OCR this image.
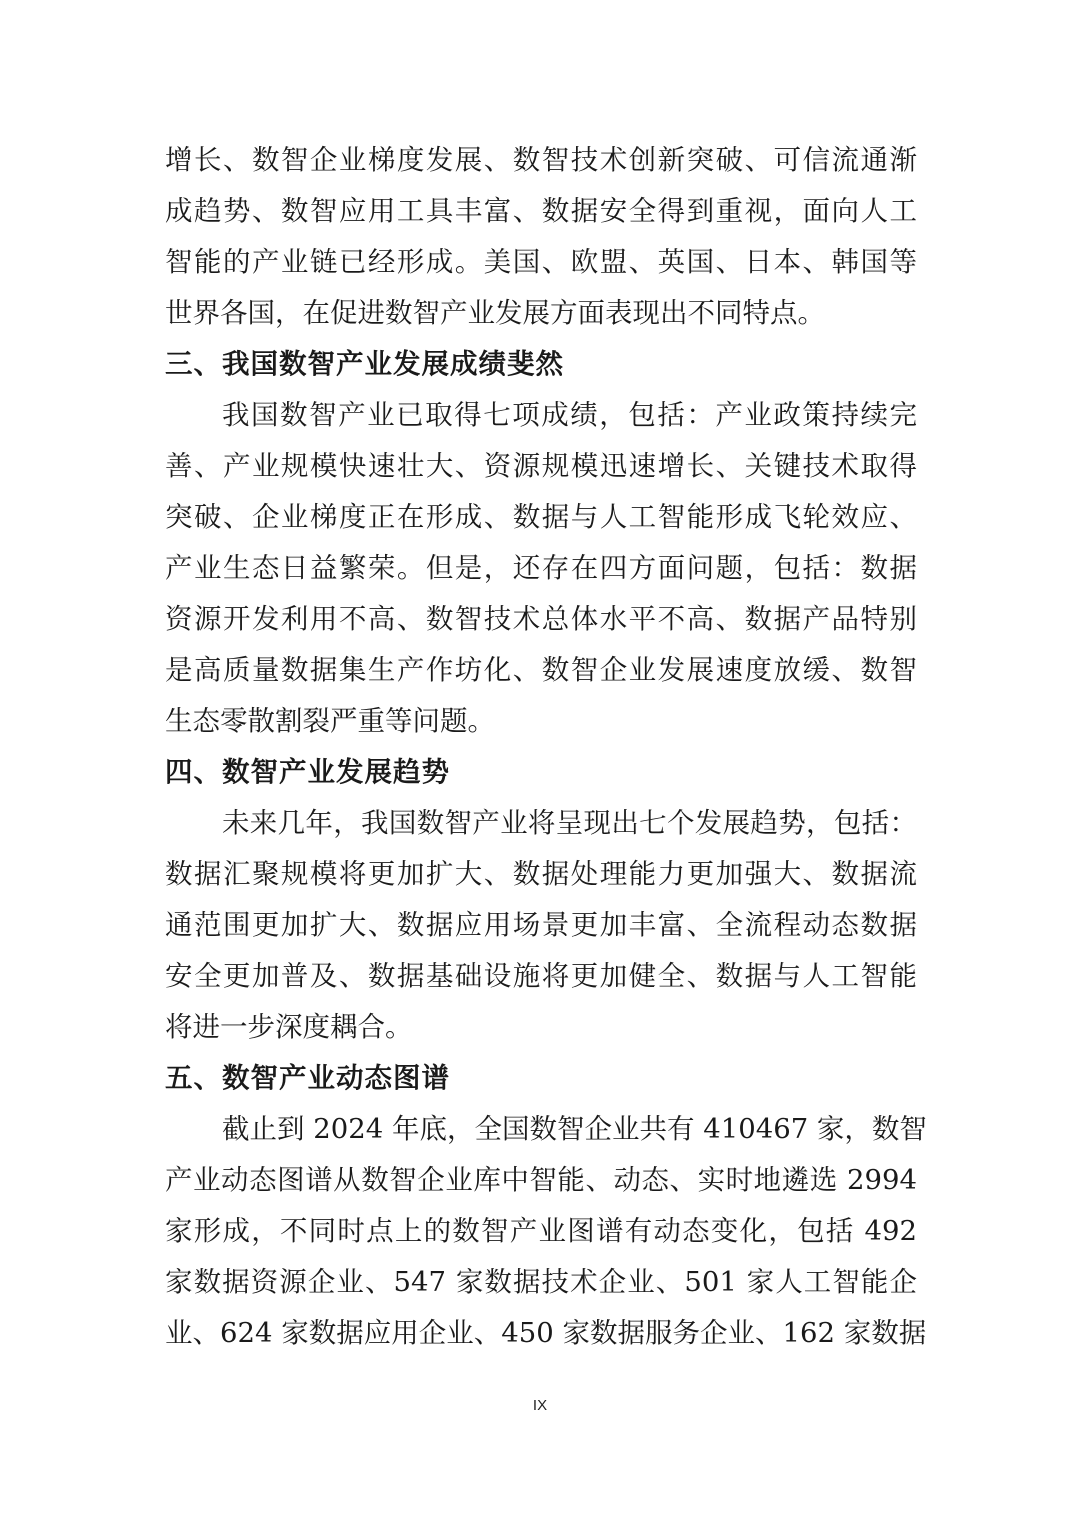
增长、数智企业梯度发展、数智技术创新突破、可信流通渐
成趋势、数智应用工具丰富、数据安全得到重视，面向人工
智能的产业链已经形成。美国、欧盟、英国、日本、韩国等
世界各国，在促进数智产业发展方面表现出不同特点。
三、我国数智产业发展成绩斐然
我国数智产业已取得七项成绩，包括：产业政策持续完
善、产业规模快速壮大、资源规模迅速增长、关键技术取得
突破、企业梯度正在形成、数据与人工智能形成飞轮效应、
产业生态日益繁荣。但是，还存在四方面问题，包括：数据
资源开发利用不高、数智技术总体水平不高、数据产品特别
是高质量数据集生产作坊化、数智企业发展速度放缓、数智
生态零散割裂严重等问题。
四、数智产业发展趋势
未来几年，我国数智产业将呈现出七个发展趋势，包括：
数据汇聚规模将更加扩大、数据处理能力更加强大、数据流
通范围更加扩大、数据应用场景更加丰富、全流程动态数据
安全更加普及、数据基础设施将更加健全、数据与人工智能
将进一步深度耦合。
五、数智产业动态图谱
截止到 2024 年底，全国数智企业共有 410467 家，数智
产业动态图谱从数智企业库中智能、动态、实时地遴选 2994
家形成，不同时点上的数智产业图谱有动态变化，包括 492
家数据资源企业、547 家数据技术企业、501 家人工智能企
业、624 家数据应用企业、450 家数据服务企业、162 家数据
IX
